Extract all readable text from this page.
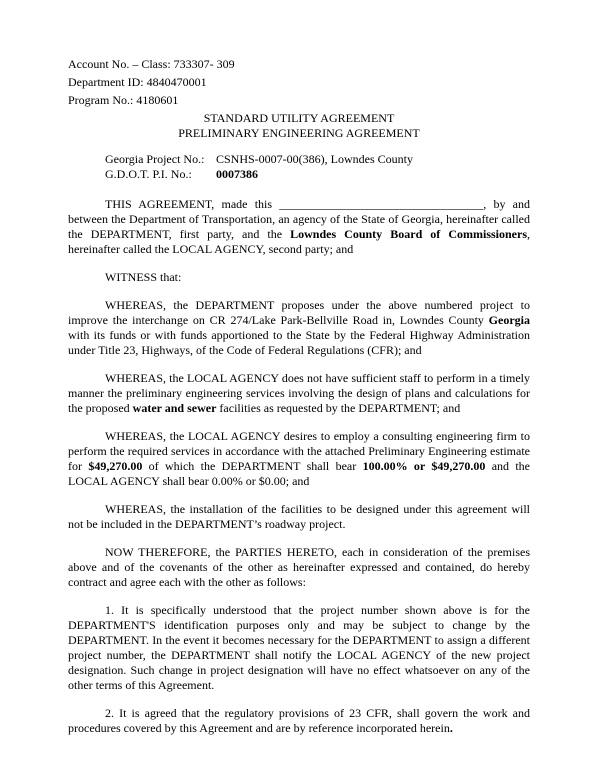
Account No. – Class: 733307- 309
Department ID: 4840470001
Program No.: 4180601
STANDARD UTILITY AGREEMENT
PRELIMINARY ENGINEERING AGREEMENT
Georgia Project No.: CSNHS-0007-00(386), Lowndes County
G.D.O.T. P.I. No.: 0007386

THIS AGREEMENT, made this __________________________________, by and between the Department of Transportation, an agency of the State of Georgia, hereinafter called the DEPARTMENT, first party, and the Lowndes County Board of Commissioners, hereinafter called the LOCAL AGENCY, second party; and

WITNESS that:

WHEREAS, the DEPARTMENT proposes under the above numbered project to improve the interchange on CR 274/Lake Park-Bellville Road in, Lowndes County Georgia with its funds or with funds apportioned to the State by the Federal Highway Administration under Title 23, Highways, of the Code of Federal Regulations (CFR); and

WHEREAS, the LOCAL AGENCY does not have sufficient staff to perform in a timely manner the preliminary engineering services involving the design of plans and calculations for the proposed water and sewer facilities as requested by the DEPARTMENT; and

WHEREAS, the LOCAL AGENCY desires to employ a consulting engineering firm to perform the required services in accordance with the attached Preliminary Engineering estimate for $49,270.00 of which the DEPARTMENT shall bear 100.00% or $49,270.00 and the LOCAL AGENCY shall bear 0.00% or $0.00; and

WHEREAS, the installation of the facilities to be designed under this agreement will not be included in the DEPARTMENT’s roadway project.

NOW THEREFORE, the PARTIES HERETO, each in consideration of the premises above and of the covenants of the other as hereinafter expressed and contained, do hereby contract and agree each with the other as follows:

1. It is specifically understood that the project number shown above is for the DEPARTMENT'S identification purposes only and may be subject to change by the DEPARTMENT. In the event it becomes necessary for the DEPARTMENT to assign a different project number, the DEPARTMENT shall notify the LOCAL AGENCY of the new project designation. Such change in project designation will have no effect whatsoever on any of the other terms of this Agreement.

2. It is agreed that the regulatory provisions of 23 CFR, shall govern the work and procedures covered by this Agreement and are by reference incorporated herein.
